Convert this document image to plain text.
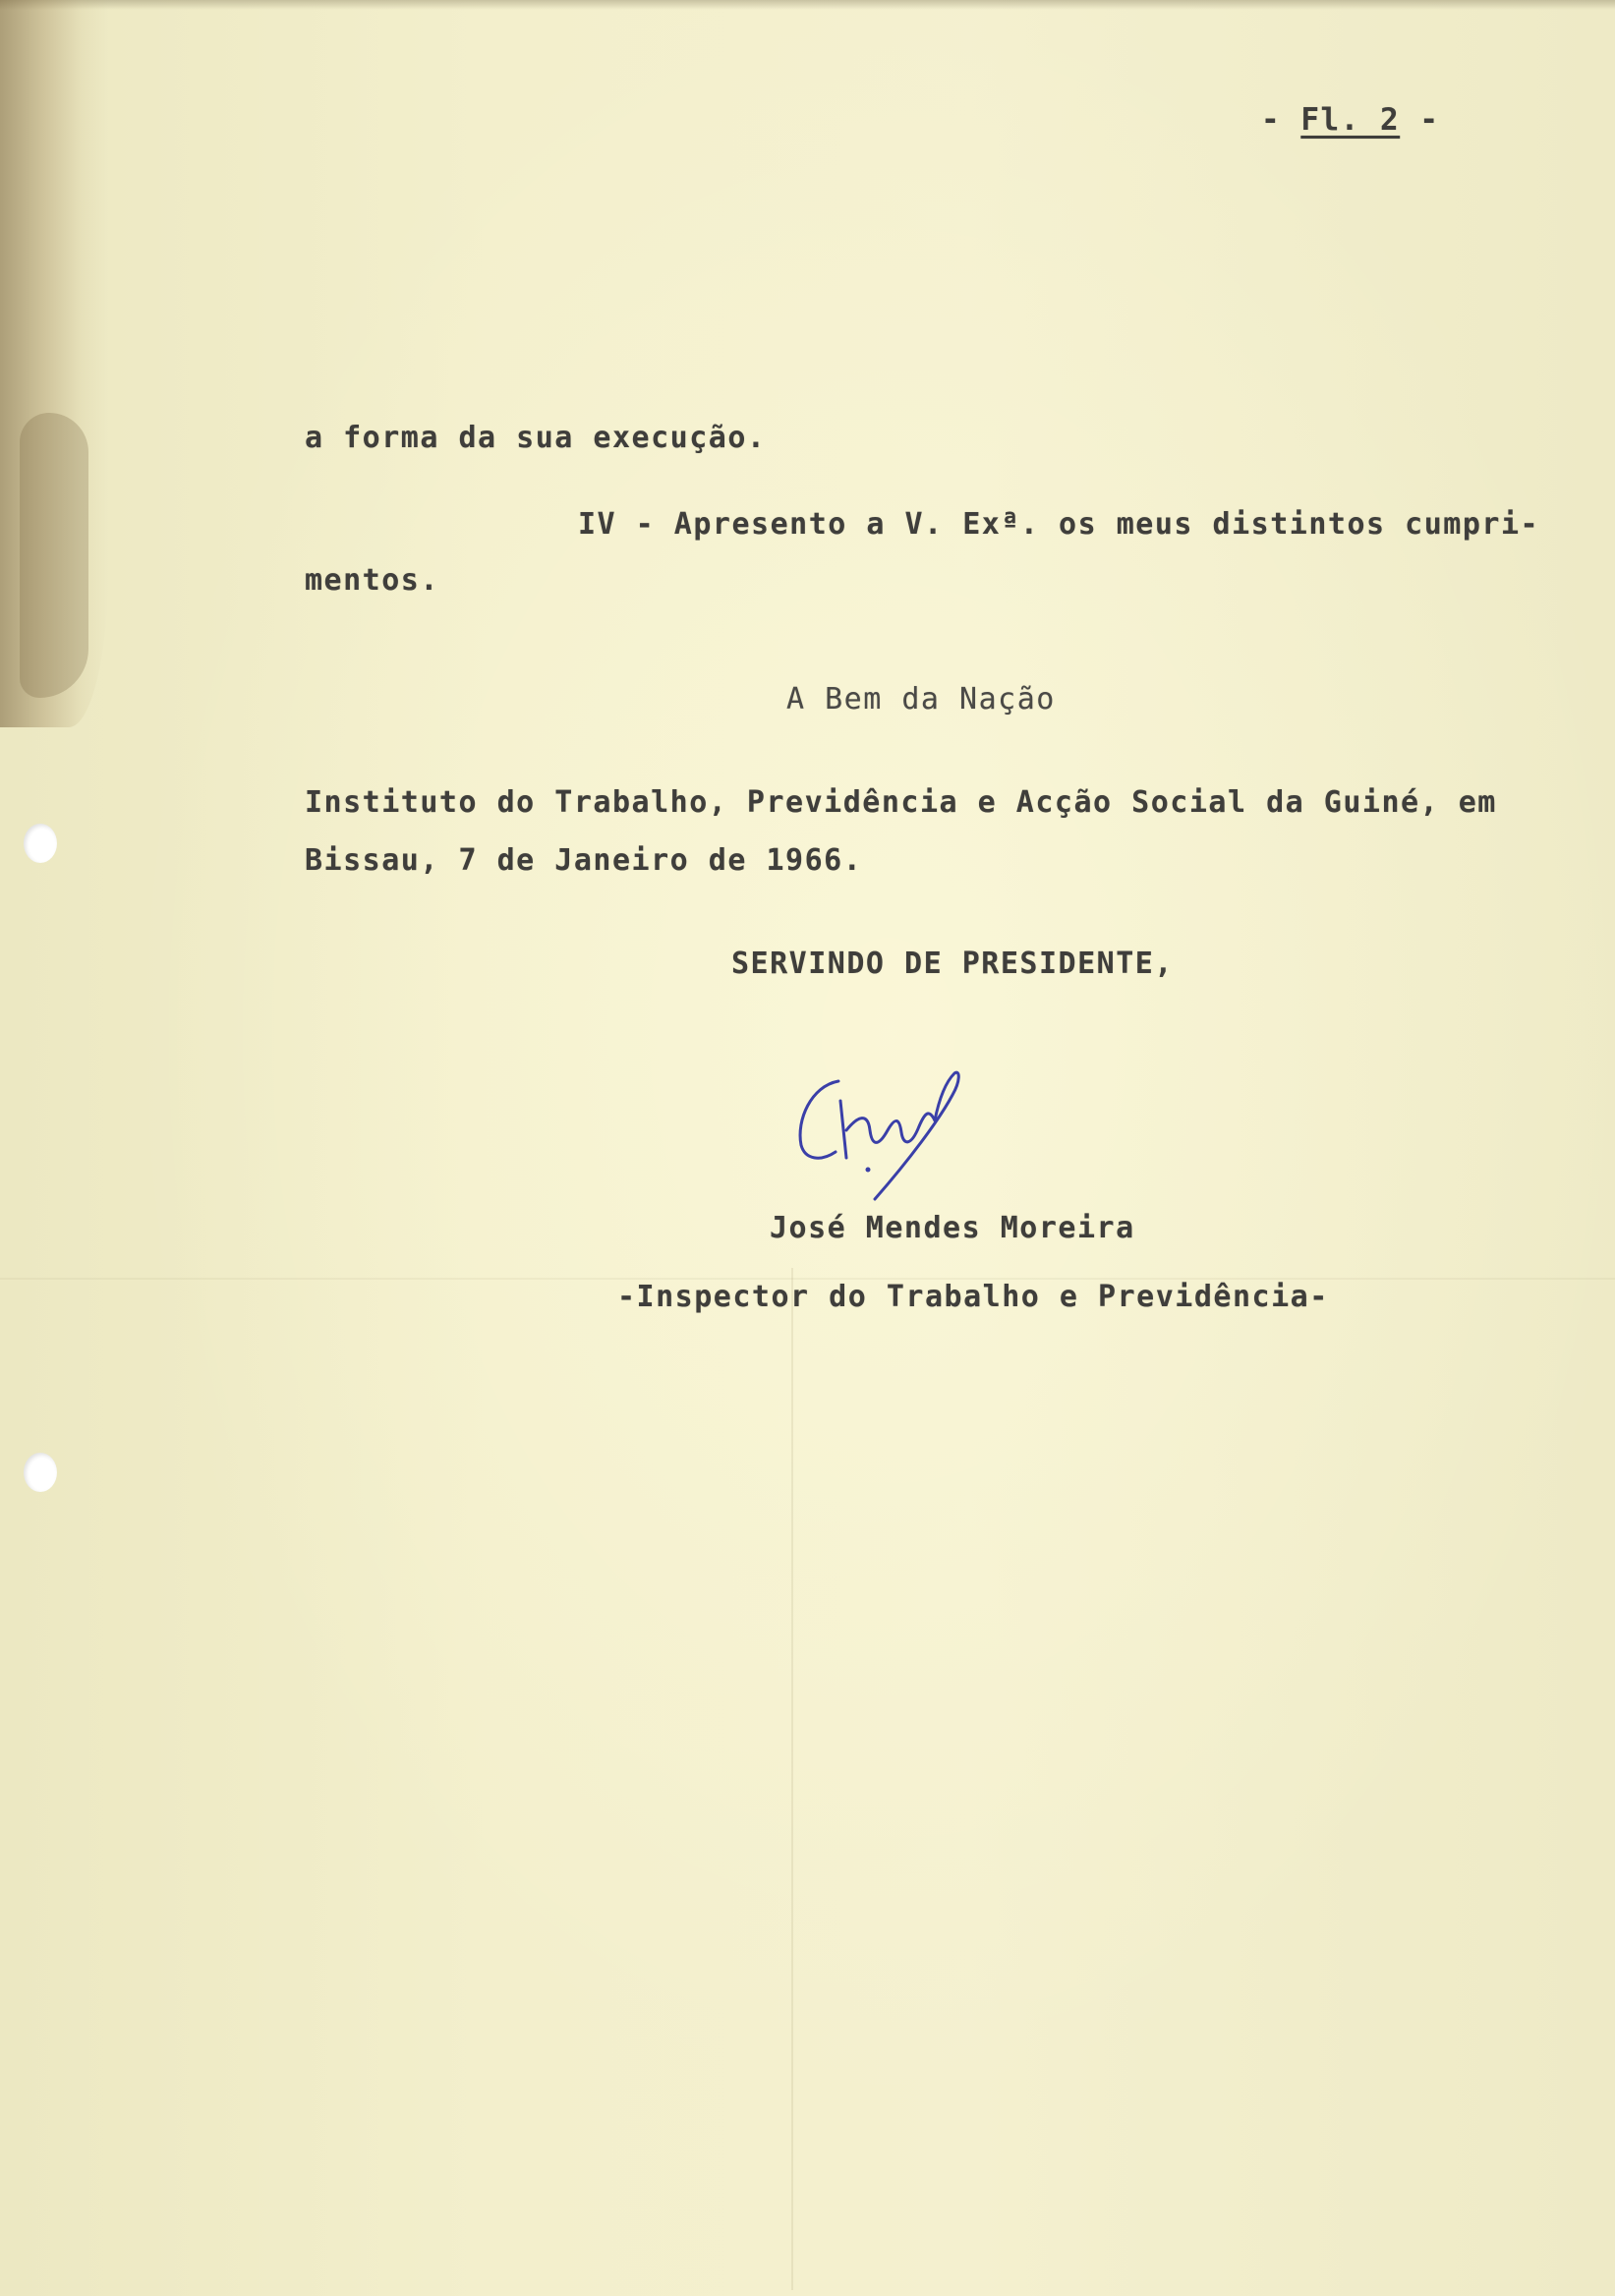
- Fl. 2 -
a forma da sua execução.
IV - Apresento a V. Exª. os meus distintos cumpri-
mentos.
A Bem da Nação
Instituto do Trabalho, Previdência e Acção Social da Guiné, em
Bissau, 7 de Janeiro de 1966.
SERVINDO DE PRESIDENTE,
José Mendes Moreira
-Inspector do Trabalho e Previdência-
